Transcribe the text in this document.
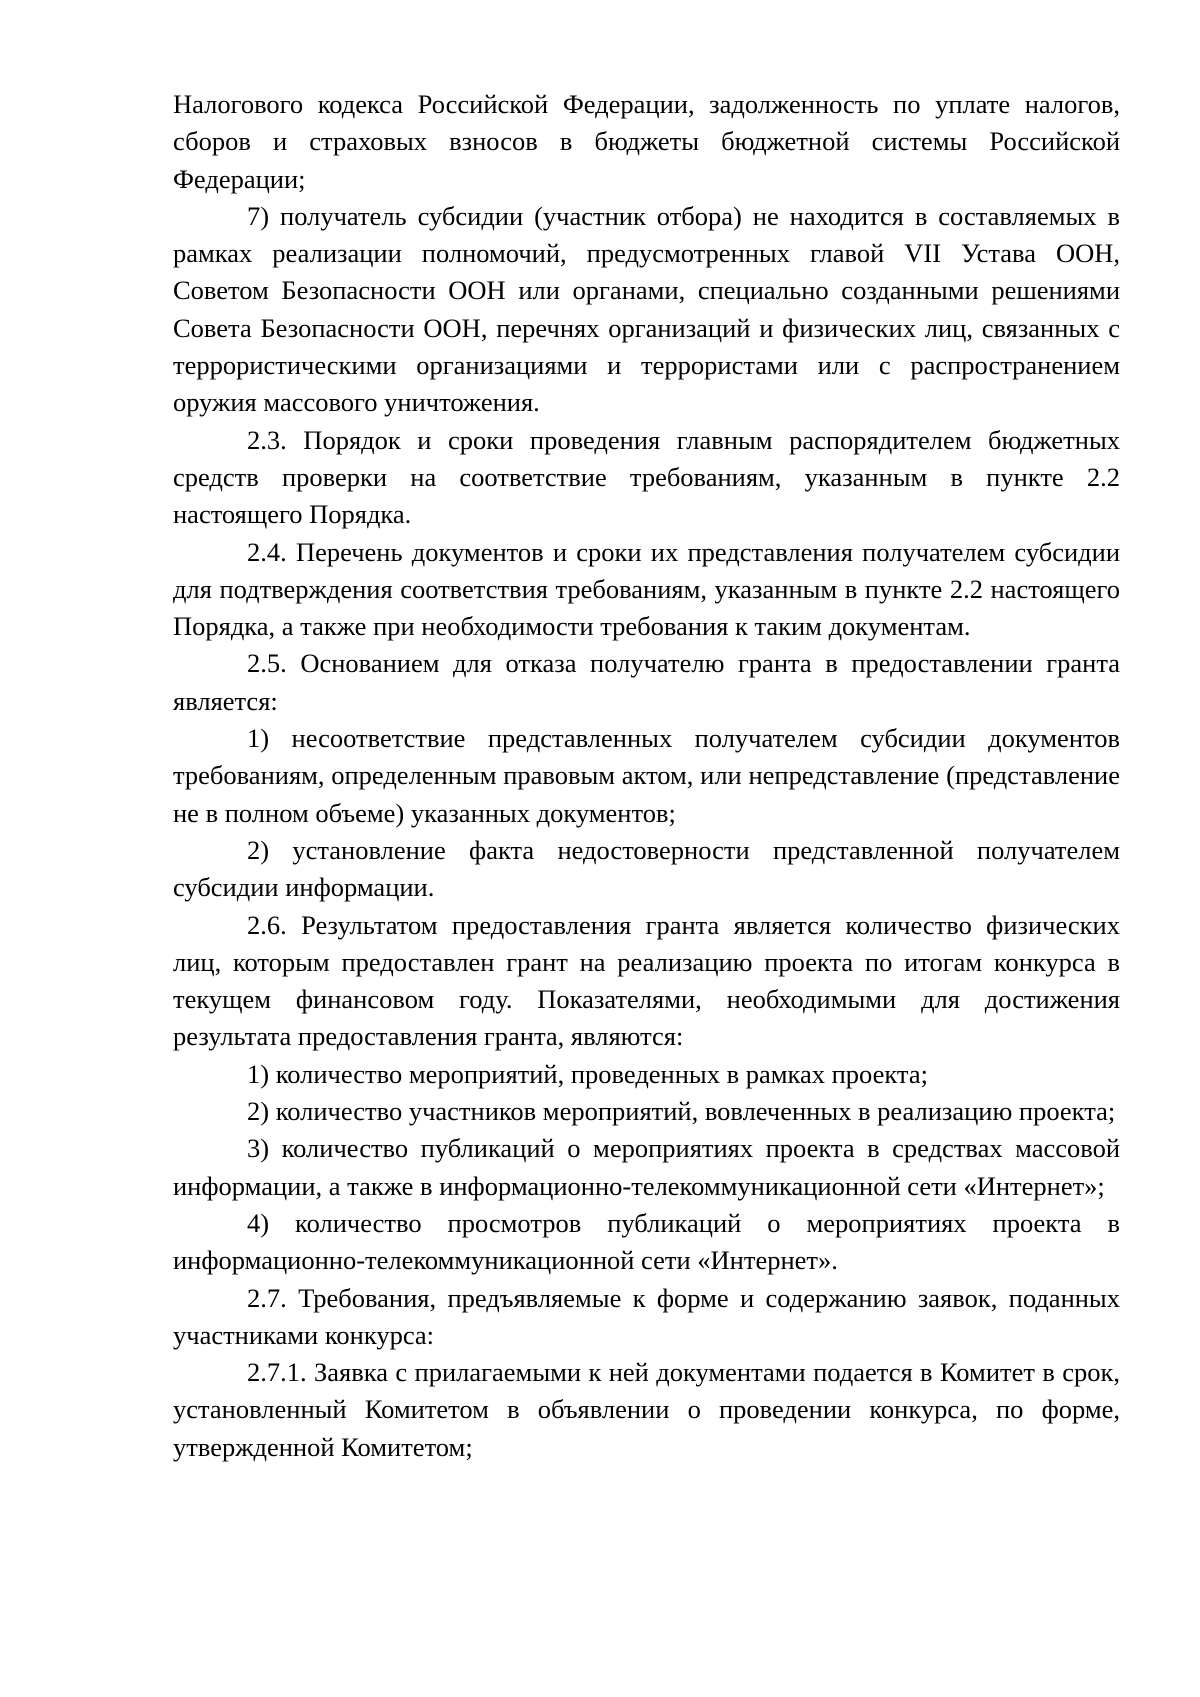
Налогового кодекса Российской Федерации, задолженность по уплате налогов, сборов и страховых взносов в бюджеты бюджетной системы Российской Федерации;

7) получатель субсидии (участник отбора) не находится в составляемых в рамках реализации полномочий, предусмотренных главой VII Устава ООН, Советом Безопасности ООН или органами, специально созданными решениями Совета Безопасности ООН, перечнях организаций и физических лиц, связанных с террористическими организациями и террористами или с распространением оружия массового уничтожения.

2.3. Порядок и сроки проведения главным распорядителем бюджетных средств проверки на соответствие требованиям, указанным в пункте 2.2 настоящего Порядка.

2.4. Перечень документов и сроки их представления получателем субсидии для подтверждения соответствия требованиям, указанным в пункте 2.2 настоящего Порядка, а также при необходимости требования к таким документам.

2.5. Основанием для отказа получателю гранта в предоставлении гранта является:

1) несоответствие представленных получателем субсидии документов требованиям, определенным правовым актом, или непредставление (представление не в полном объеме) указанных документов;

2) установление факта недостоверности представленной получателем субсидии информации.

2.6. Результатом предоставления гранта является количество физических лиц, которым предоставлен грант на реализацию проекта по итогам конкурса в текущем финансовом году. Показателями, необходимыми для достижения результата предоставления гранта, являются:

1) количество мероприятий, проведенных в рамках проекта;

2) количество участников мероприятий, вовлеченных в реализацию проекта;

3) количество публикаций о мероприятиях проекта в средствах массовой информации, а также в информационно-телекоммуникационной сети «Интернет»;

4) количество просмотров публикаций о мероприятиях проекта в информационно-телекоммуникационной сети «Интернет».

2.7. Требования, предъявляемые к форме и содержанию заявок, поданных участниками конкурса:

2.7.1. Заявка с прилагаемыми к ней документами подается в Комитет в срок, установленный Комитетом в объявлении о проведении конкурса, по форме, утвержденной Комитетом;
